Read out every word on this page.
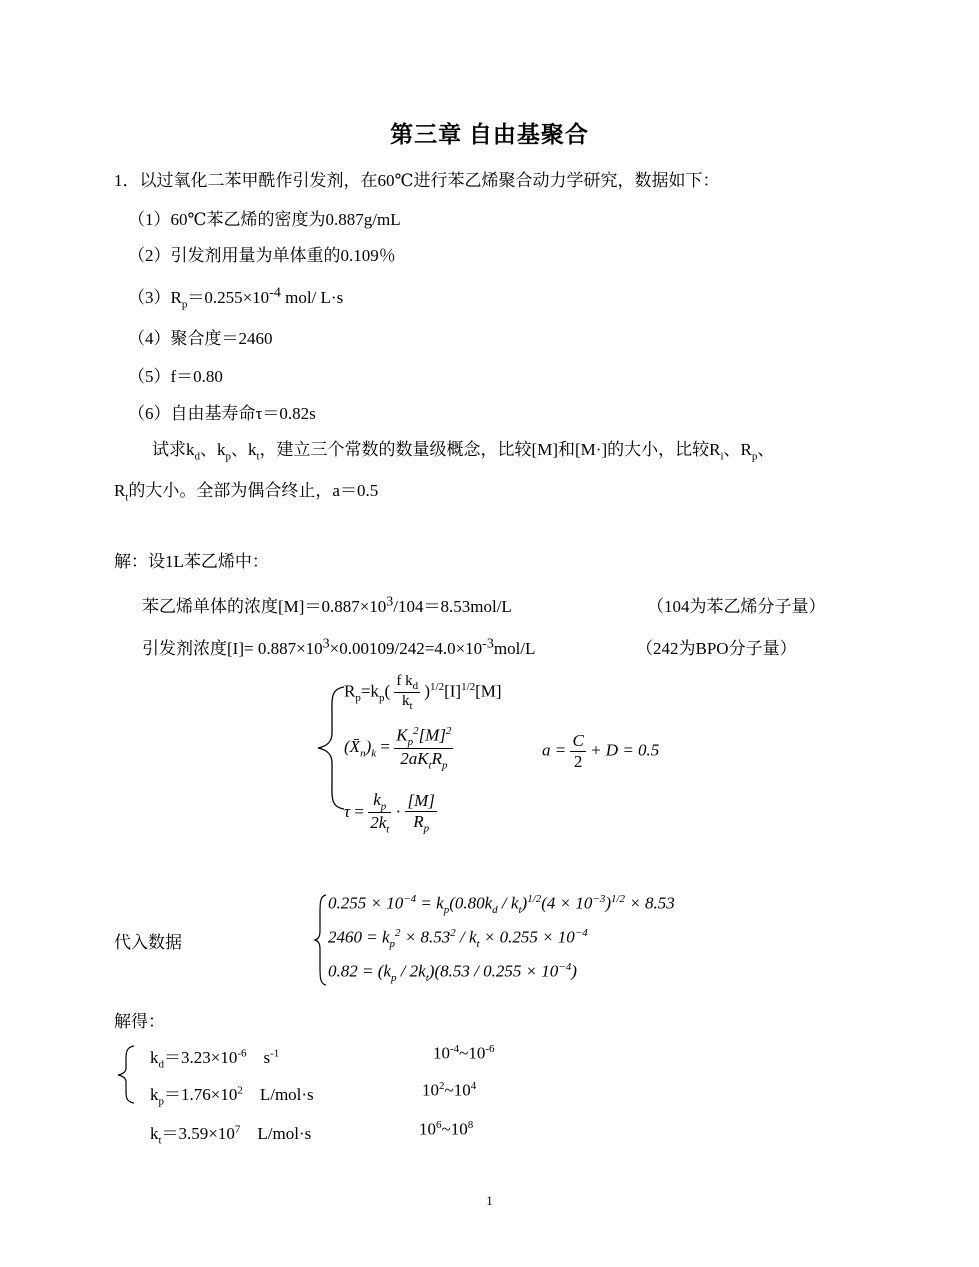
第三章 自由基聚合
1．以过氧化二苯甲酰作引发剂，在60℃进行苯乙烯聚合动力学研究，数据如下：
（1）60℃苯乙烯的密度为0.887g/mL
（2）引发剂用量为单体重的0.109％
$(3)R_p=0.255\times 10^{-4}$ mol/ L·s
（4）聚合度＝2460
（5）f＝0.80
（6）自由基寿命τ＝0.82s
试求$k_d$、$k_p$、$k_t$，建立三个常数的数量级概念，比较[M]和[M·]的大小，比较$R_i$、$R_p$、
$R_t$的大小。全部为偶合终止，a＝0.5
解：设1L苯乙烯中：
苯乙烯单体的浓度$[M]=0.887\times 10^3/104=8.53mol/L$	（104为苯乙烯分子量）
引发剂浓度$[I]= 0.887\times 10^3\times 0.00109/242=4.0\times 10^{-3}mol/L$	（242为BPO分子量）
$R_p=k_p( \frac{f k_d}{k_t} )^{1/2}[I]^{1/2}[M]$
$(X̄_n)_k = \frac{K_p^2[M]^2}{2aK_tR_p}$	$a = \frac{C}{2} + D = 0.5$
$\tau = \frac{k_p}{2k_t} \cdot \frac{[M]}{R_p}$
代入数据
$0.255 \times 10^{-4} = k_p(0.80k_d / k_t)^{1/2}(4 \times 10^{-3})^{1/2} \times 8.53$
$2460 = k_p^2 \times 8.53^2 / k_t \times 0.255 \times 10^{-4}$
$0.82 = (k_p / 2k_t)(8.53 / 0.255 \times 10^{-4})$
解得：
$k_d=3.23\times 10^{-6}$    $s^{-1}$	$10^{-4}\sim 10^{-6}$
$k_p=1.76\times 10^2$    L/mol·s	$10^2\sim 10^4$
$k_t=3.59\times 10^7$    L/mol·s	$10^6\sim 10^8$
1
